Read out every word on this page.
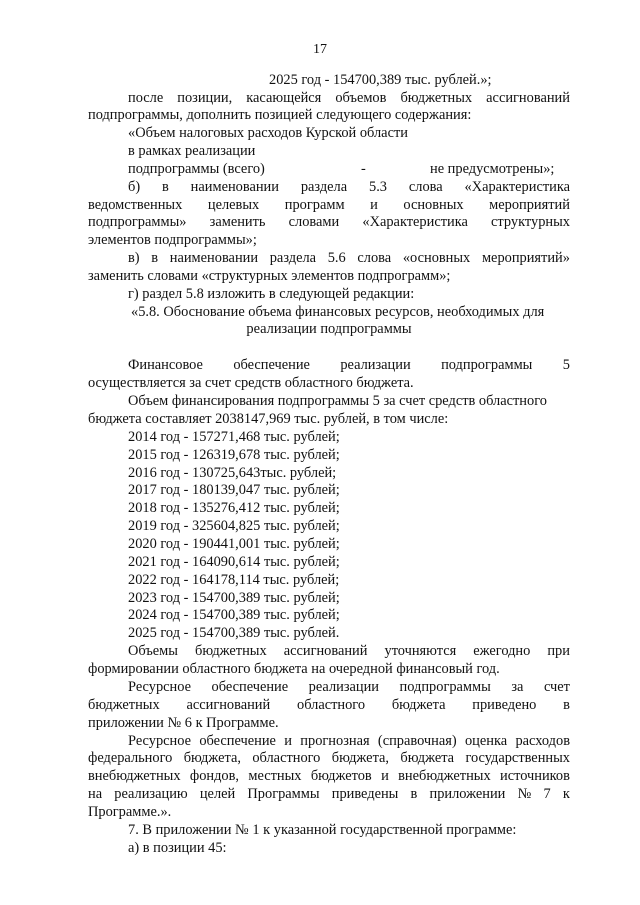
17
2025 год - 154700,389 тыс. рублей.»;
после позиции, касающейся объемов бюджетных ассигнований
подпрограммы, дополнить позицией следующего содержания:
«Объем налоговых расходов Курской области
в рамках реализации
подпрограммы (всего)	-	не предусмотрены»;
б) в наименовании раздела 5.3 слова «Характеристика
ведомственных целевых программ и основных мероприятий
подпрограммы» заменить словами «Характеристика структурных
элементов подпрограммы»;
в) в наименовании раздела 5.6 слова «основных мероприятий»
заменить словами «структурных элементов подпрограмм»;
г) раздел 5.8 изложить в следующей редакции:
«5.8. Обоснование объема финансовых ресурсов, необходимых для
реализации подпрограммы
Финансовое обеспечение реализации подпрограммы 5
осуществляется за счет средств областного бюджета.
Объем финансирования подпрограммы 5 за счет средств областного
бюджета составляет 2038147,969 тыс. рублей, в том числе:
2014 год - 157271,468 тыс. рублей;
2015 год - 126319,678 тыс. рублей;
2016 год - 130725,643тыс. рублей;
2017 год - 180139,047 тыс. рублей;
2018 год - 135276,412 тыс. рублей;
2019 год - 325604,825 тыс. рублей;
2020 год - 190441,001 тыс. рублей;
2021 год - 164090,614 тыс. рублей;
2022 год - 164178,114 тыс. рублей;
2023 год - 154700,389 тыс. рублей;
2024 год - 154700,389 тыс. рублей;
2025 год - 154700,389 тыс. рублей.
Объемы бюджетных ассигнований уточняются ежегодно при
формировании областного бюджета на очередной финансовый год.
Ресурсное обеспечение реализации подпрограммы за счет
бюджетных ассигнований областного бюджета приведено в
приложении № 6 к Программе.
Ресурсное обеспечение и прогнозная (справочная) оценка расходов
федерального бюджета, областного бюджета, бюджета государственных
внебюджетных фондов, местных бюджетов и внебюджетных источников
на реализацию целей Программы приведены в приложении № 7 к
Программе.».
7. В приложении № 1 к указанной государственной программе:
а) в позиции 45:
